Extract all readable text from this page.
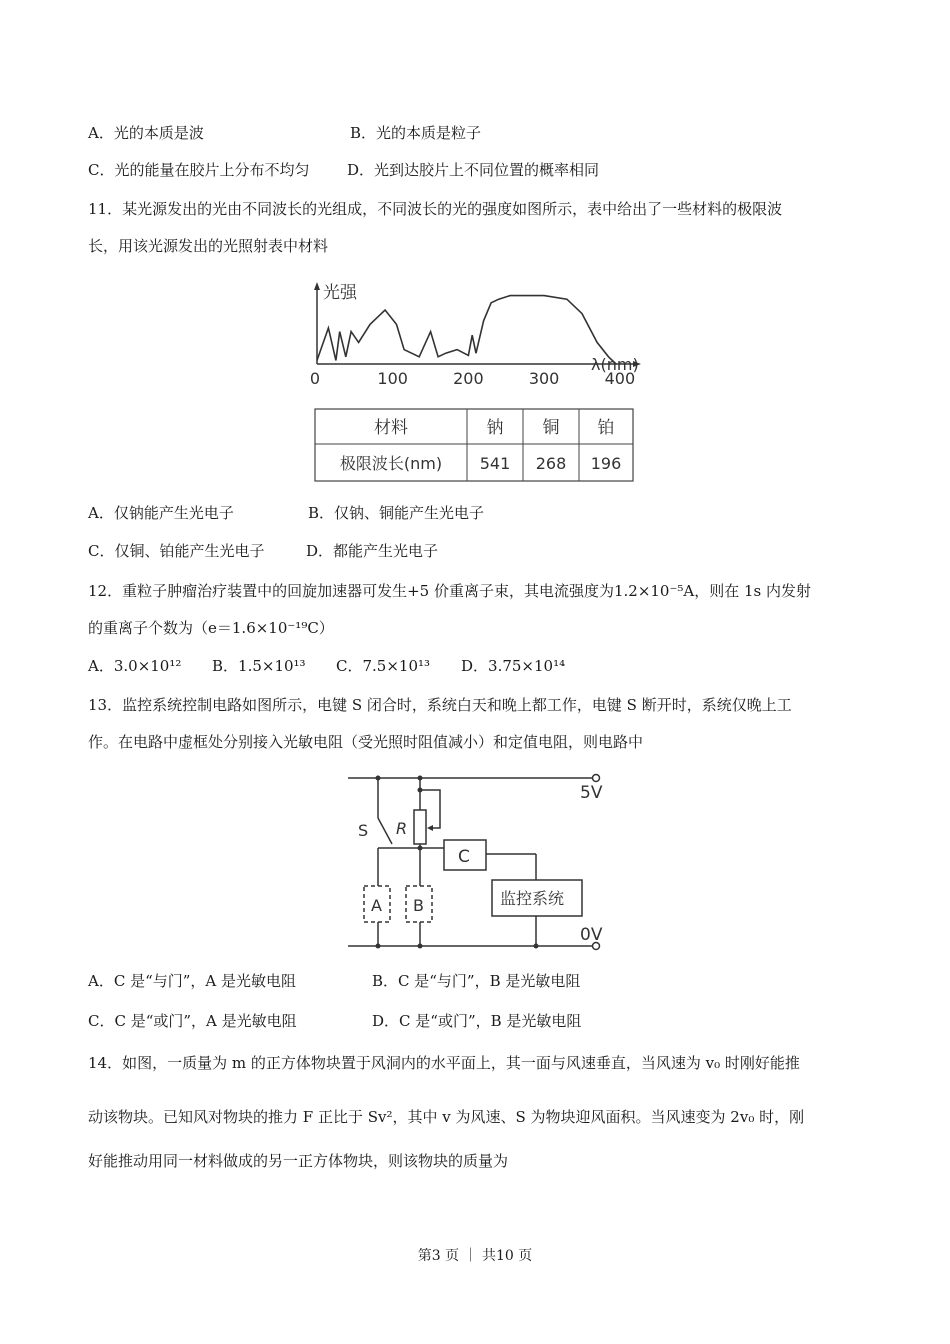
A．光的本质是波	B．光的本质是粒子
C．光的能量在胶片上分布不均匀	D．光到达胶片上不同位置的概率相同
11．某光源发出的光由不同波长的光组成，不同波长的光的强度如图所示，表中给出了一些材料的极限波
长，用该光源发出的光照射表中材料
光强
λ(nm)
0	100	200	300	400
材料	钠 铜 铂
极限波长(nm) 541 268 196
A．仅钠能产生光电子	B．仅钠、铜能产生光电子
C．仅铜、铂能产生光电子	D．都能产生光电子
12．重粒子肿瘤治疗装置中的回旋加速器可发生+5 价重离子束，其电流强度为1.2×10⁻⁵A，则在 1s 内发射
的重离子个数为（e＝1.6×10⁻¹⁹C）
A．3.0×10¹² B．1.5×10¹³ C．7.5×10¹³ D．3.75×10¹⁴
13．监控系统控制电路如图所示，电键 S 闭合时，系统白天和晚上都工作，电键 S 断开时，系统仅晚上工
作。在电路中虚框处分别接入光敏电阻（受光照时阻值减小）和定值电阻，则电路中
5V
0V
S R
C
A B	监控系统
A．C 是“与门”，A 是光敏电阻	B．C 是“与门”，B 是光敏电阻
C．C 是“或门”，A 是光敏电阻	D．C 是“或门”，B 是光敏电阻
14．如图，一质量为 m 的正方体物块置于风洞内的水平面上，其一面与风速垂直，当风速为 v₀ 时刚好能推
动该物块。已知风对物块的推力 F 正比于 Sv²，其中 v 为风速、S 为物块迎风面积。当风速变为 2v₀ 时，刚
好能推动用同一材料做成的另一正方体物块，则该物块的质量为
第3 页 ｜ 共10 页
